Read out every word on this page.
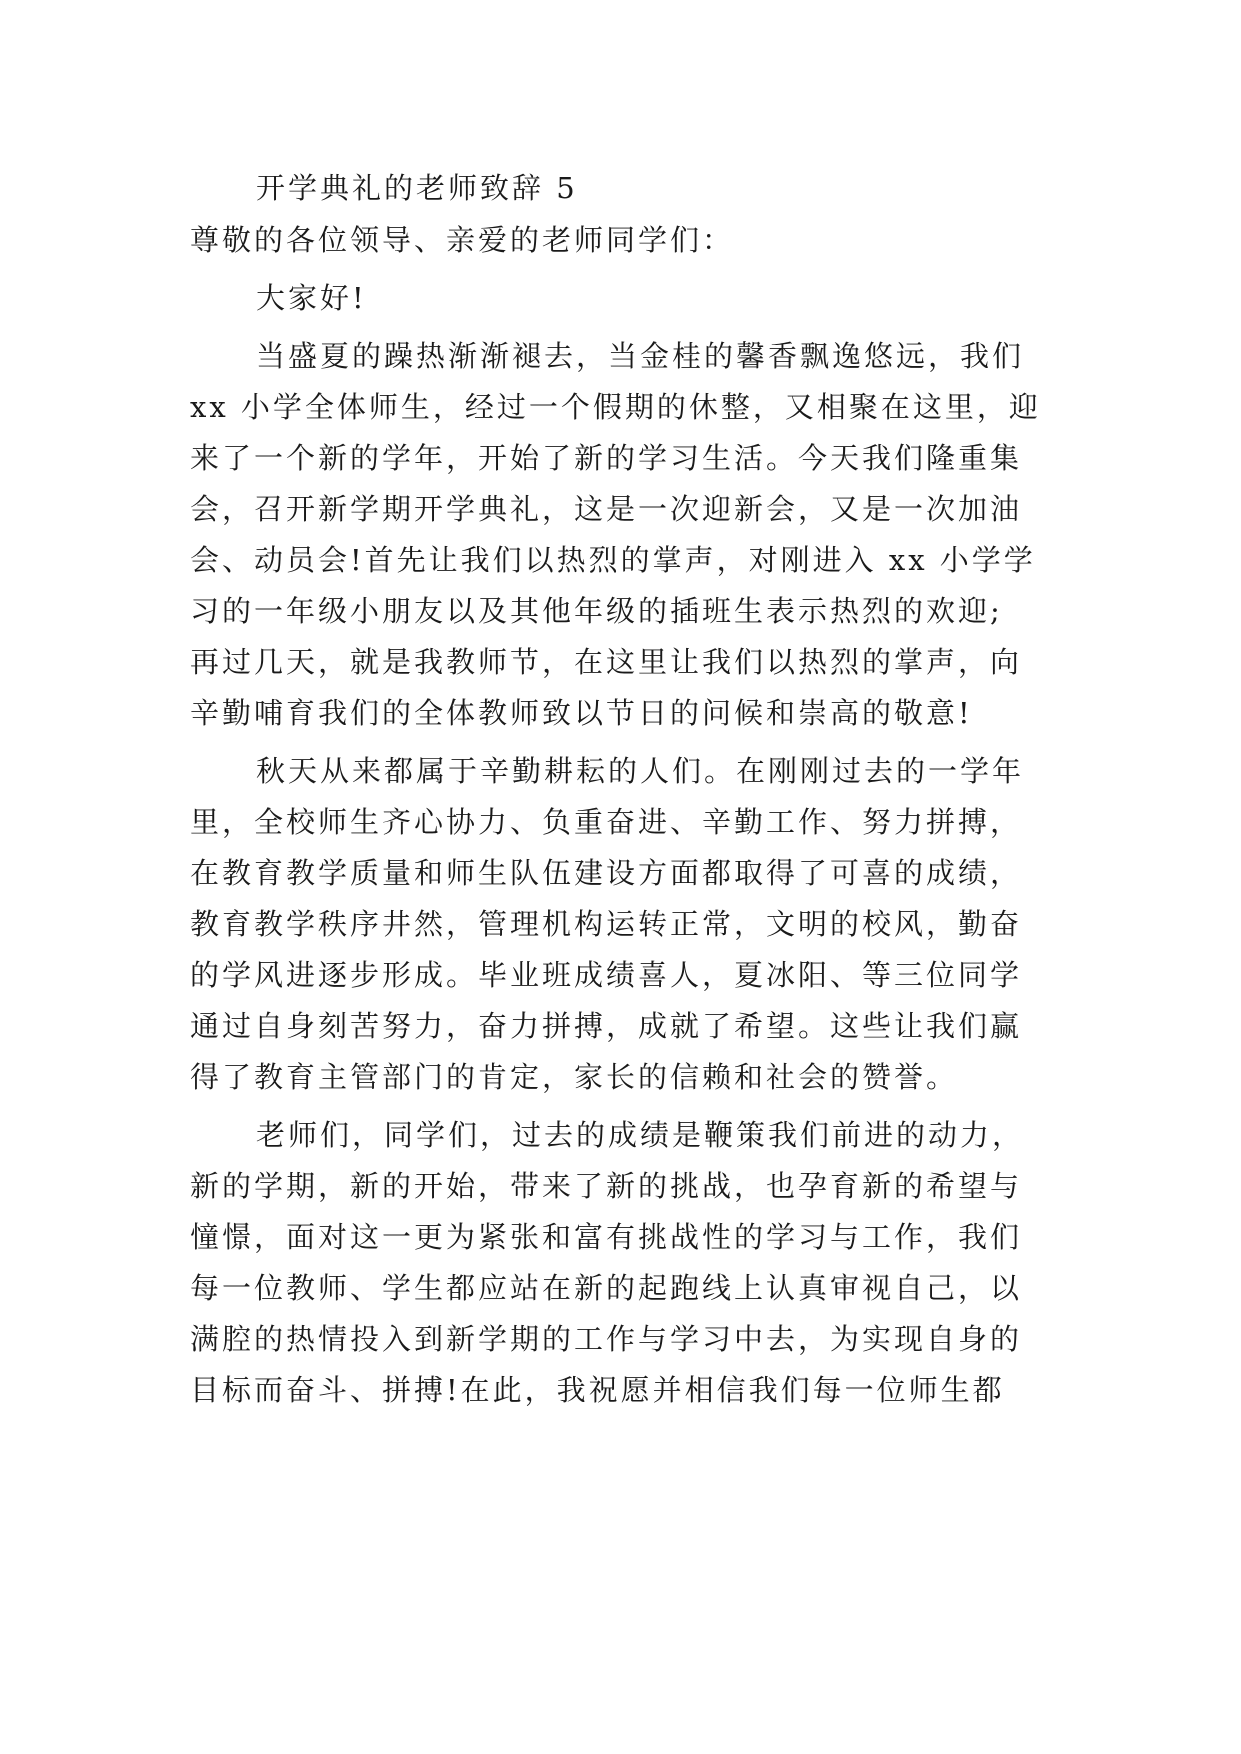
开学典礼的老师致辞 5
尊敬的各位领导、亲爱的老师同学们：
大家好!
当盛夏的躁热渐渐褪去，当金桂的馨香飘逸悠远，我们
xx 小学全体师生，经过一个假期的休整，又相聚在这里，迎
来了一个新的学年，开始了新的学习生活。今天我们隆重集
会，召开新学期开学典礼，这是一次迎新会，又是一次加油
会、动员会!首先让我们以热烈的掌声，对刚进入 xx 小学学
习的一年级小朋友以及其他年级的插班生表示热烈的欢迎;
再过几天，就是我教师节，在这里让我们以热烈的掌声，向
辛勤哺育我们的全体教师致以节日的问候和崇高的敬意!
秋天从来都属于辛勤耕耘的人们。在刚刚过去的一学年
里，全校师生齐心协力、负重奋进、辛勤工作、努力拼搏，
在教育教学质量和师生队伍建设方面都取得了可喜的成绩，
教育教学秩序井然，管理机构运转正常，文明的校风，勤奋
的学风进逐步形成。毕业班成绩喜人，夏冰阳、等三位同学
通过自身刻苦努力，奋力拼搏，成就了希望。这些让我们赢
得了教育主管部门的肯定，家长的信赖和社会的赞誉。
老师们，同学们，过去的成绩是鞭策我们前进的动力，
新的学期，新的开始，带来了新的挑战，也孕育新的希望与
憧憬，面对这一更为紧张和富有挑战性的学习与工作，我们
每一位教师、学生都应站在新的起跑线上认真审视自己，以
满腔的热情投入到新学期的工作与学习中去，为实现自身的
目标而奋斗、拼搏!在此，我祝愿并相信我们每一位师生都
